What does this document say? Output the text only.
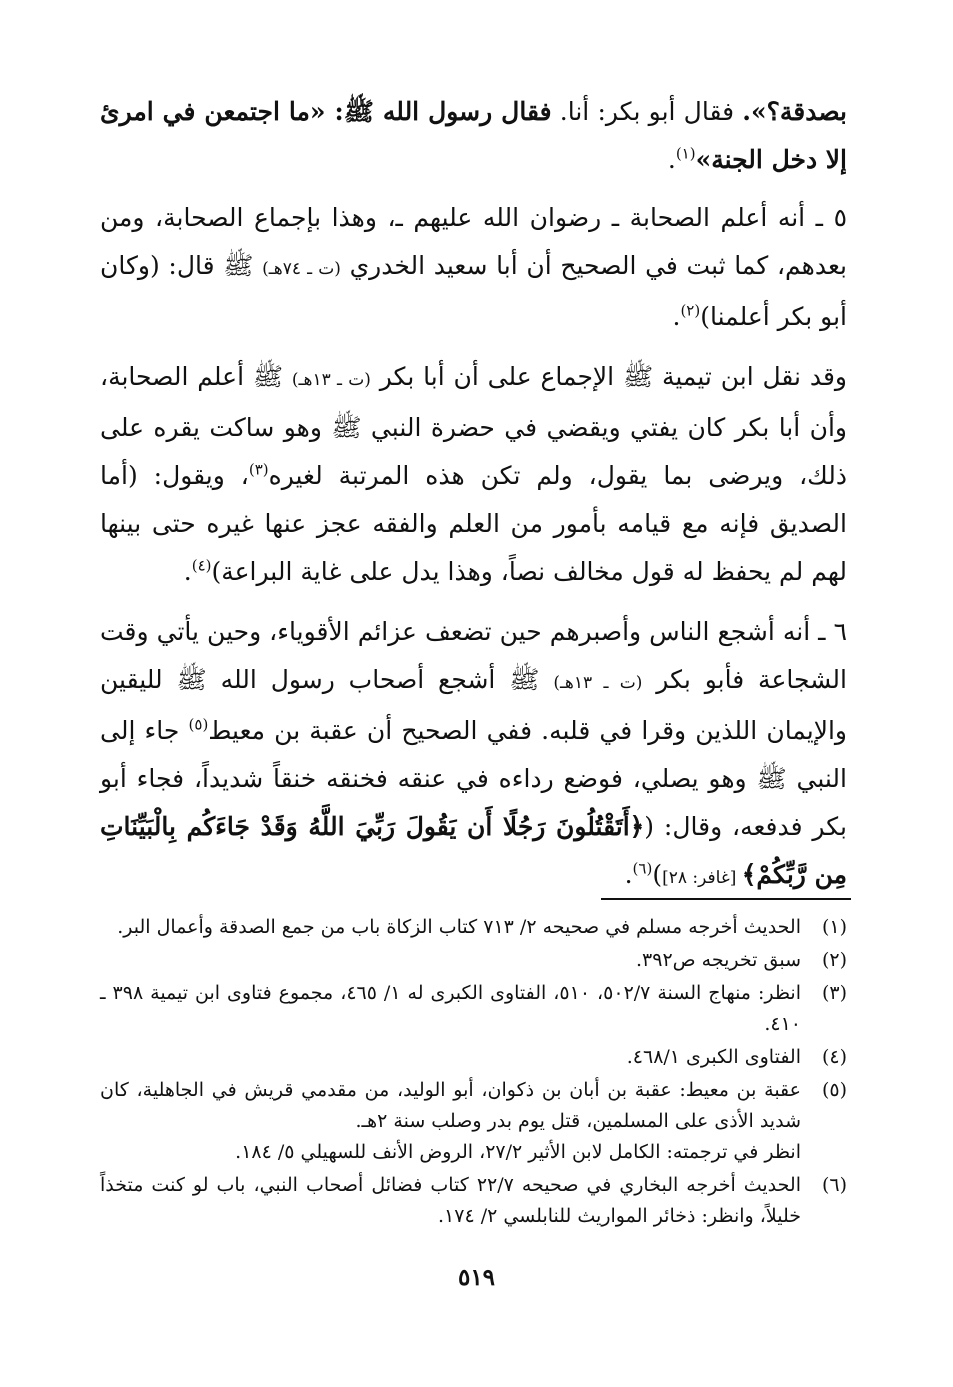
بصدقة؟». فقال أبو بكر: أنا. فقال رسول الله ﷺ: «ما اجتمعن في امرئ إلا دخل الجنة»$^{(١)}$.

٥ ـ أنه أعلم الصحابة ـ رضوان الله عليهم ـ، وهذا بإجماع الصحابة، ومن بعدهم، كما ثبت في الصحيح أن أبا سعيد الخدري (ت ـ ٧٤هـ) ﷺ قال: (وكان أبو بكر أعلمنا)$^{(٢)}$.

وقد نقل ابن تيمية ﷺ الإجماع على أن أبا بكر (ت ـ ١٣هـ) ﷺ أعلم الصحابة، وأن أبا بكر كان يفتي ويقضي في حضرة النبي ﷺ وهو ساكت يقره على ذلك، ويرضى بما يقول، ولم تكن هذه المرتبة لغيره$^{(٣)}$، ويقول: (أما الصديق فإنه مع قيامه بأمور من العلم والفقه عجز عنها غيره حتى بينها لهم لم يحفظ له قول مخالف نصاً، وهذا يدل على غاية البراعة)$^{(٤)}$.

٦ ـ أنه أشجع الناس وأصبرهم حين تضعف عزائم الأقوياء، وحين يأتي وقت الشجاعة فأبو بكر (ت ـ ١٣هـ) ﷺ أشجع أصحاب رسول الله ﷺ لليقين والإيمان اللذين وقرا في قلبه. ففي الصحيح أن عقبة بن معيط$^{(٥)}$ جاء إلى النبي ﷺ وهو يصلي، فوضع رداءه في عنقه فخنقه خنقاً شديداً، فجاء أبو بكر فدفعه، وقال: (﴿أَتَقْتُلُونَ رَجُلًا أَن يَقُولَ رَبِّيَ اللَّهُ وَقَدْ جَاءَكُم بِالْبَيِّنَاتِ مِن رَّبِّكُمْ﴾ [غافر: ٢٨])$^{(٦)}$.

(١)
الحديث أخرجه مسلم في صحيحه ٢/ ٧١٣ كتاب الزكاة باب من جمع الصدقة وأعمال البر.
(٢)
سبق تخريجه ص٣٩٢.
(٣)
انظر: منهاج السنة ٥٠٢/٧، ٥١٠، الفتاوى الكبرى له ١/ ٤٦٥، مجموع فتاوى ابن تيمية ٣٩٨ ـ ٤١٠.
(٤)
الفتاوى الكبرى ٤٦٨/١.
(٥)
عقبة بن معيط: عقبة بن أبان بن ذكوان، أبو الوليد، من مقدمي قريش في الجاهلية، كان شديد الأذى على المسلمين، قتل يوم بدر وصلب سنة ٢هـ.
انظر في ترجمته: الكامل لابن الأثير ٢٧/٢، الروض الأنف للسهيلي ٥/ ١٨٤.
(٦)
الحديث أخرجه البخاري في صحيحه ٢٢/٧ كتاب فضائل أصحاب النبي، باب لو كنت متخذاً خليلاً، وانظر: ذخائر المواريث للنابلسي ٢/ ١٧٤.
٥١٩
